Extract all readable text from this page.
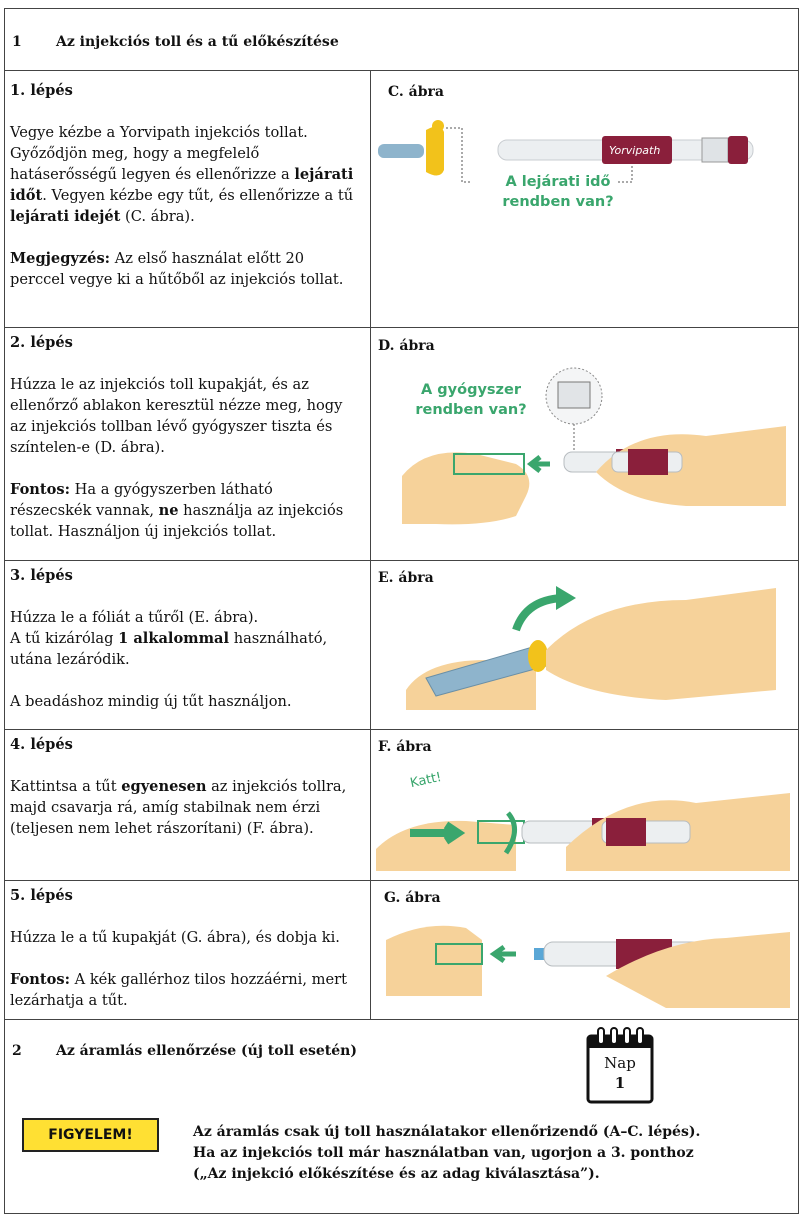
1 Az injekciós toll és a tű előkészítése
1. lépés

Vegye kézbe a Yorvipath injekciós tollat. Győződjön meg, hogy a megfelelő hatáserősségű legyen és ellenőrizze a lejárati időt. Vegyen kézbe egy tűt, és ellenőrizze a tű lejárati idejét (C. ábra).

Megjegyzés: Az első használat előtt 20 perccel vegye ki a hűtőből az injekciós tollat.

2. lépés

Húzza le az injekciós toll kupakját, és az ellenőrző ablakon keresztül nézze meg, hogy az injekciós tollban lévő gyógyszer tiszta és színtelen-e (D. ábra).

Fontos: Ha a gyógyszerben látható részecskék vannak, ne használja az injekciós tollat. Használjon új injekciós tollat.

3. lépés

Húzza le a fóliát a tűről (E. ábra).
A tű kizárólag 1 alkalommal használható, utána lezáródik.

A beadáshoz mindig új tűt használjon.

4. lépés

Kattintsa a tűt egyenesen az injekciós tollra, majd csavarja rá, amíg stabilnak nem érzi (teljesen nem lehet rászorítani) (F. ábra).

5. lépés

Húzza le a tű kupakját (G. ábra), és dobja ki.

Fontos: A kék gallérhoz tilos hozzáérni, mert lezárhatja a tűt.

C. ábra
Yorvipath
A lejárati idő
rendben van?
D. ábra
A gyógyszer
rendben van?
E. ábra
F. ábra
Katt!
G. ábra
2 Az áramlás ellenőrzése (új toll esetén)
Nap
1
FIGYELEM!	Az áramlás csak új toll használatakor ellenőrizendő (A–C. lépés).
Ha az injekciós toll már használatban van, ugorjon a 3. ponthoz
(„Az injekció előkészítése és az adag kiválasztása”).
